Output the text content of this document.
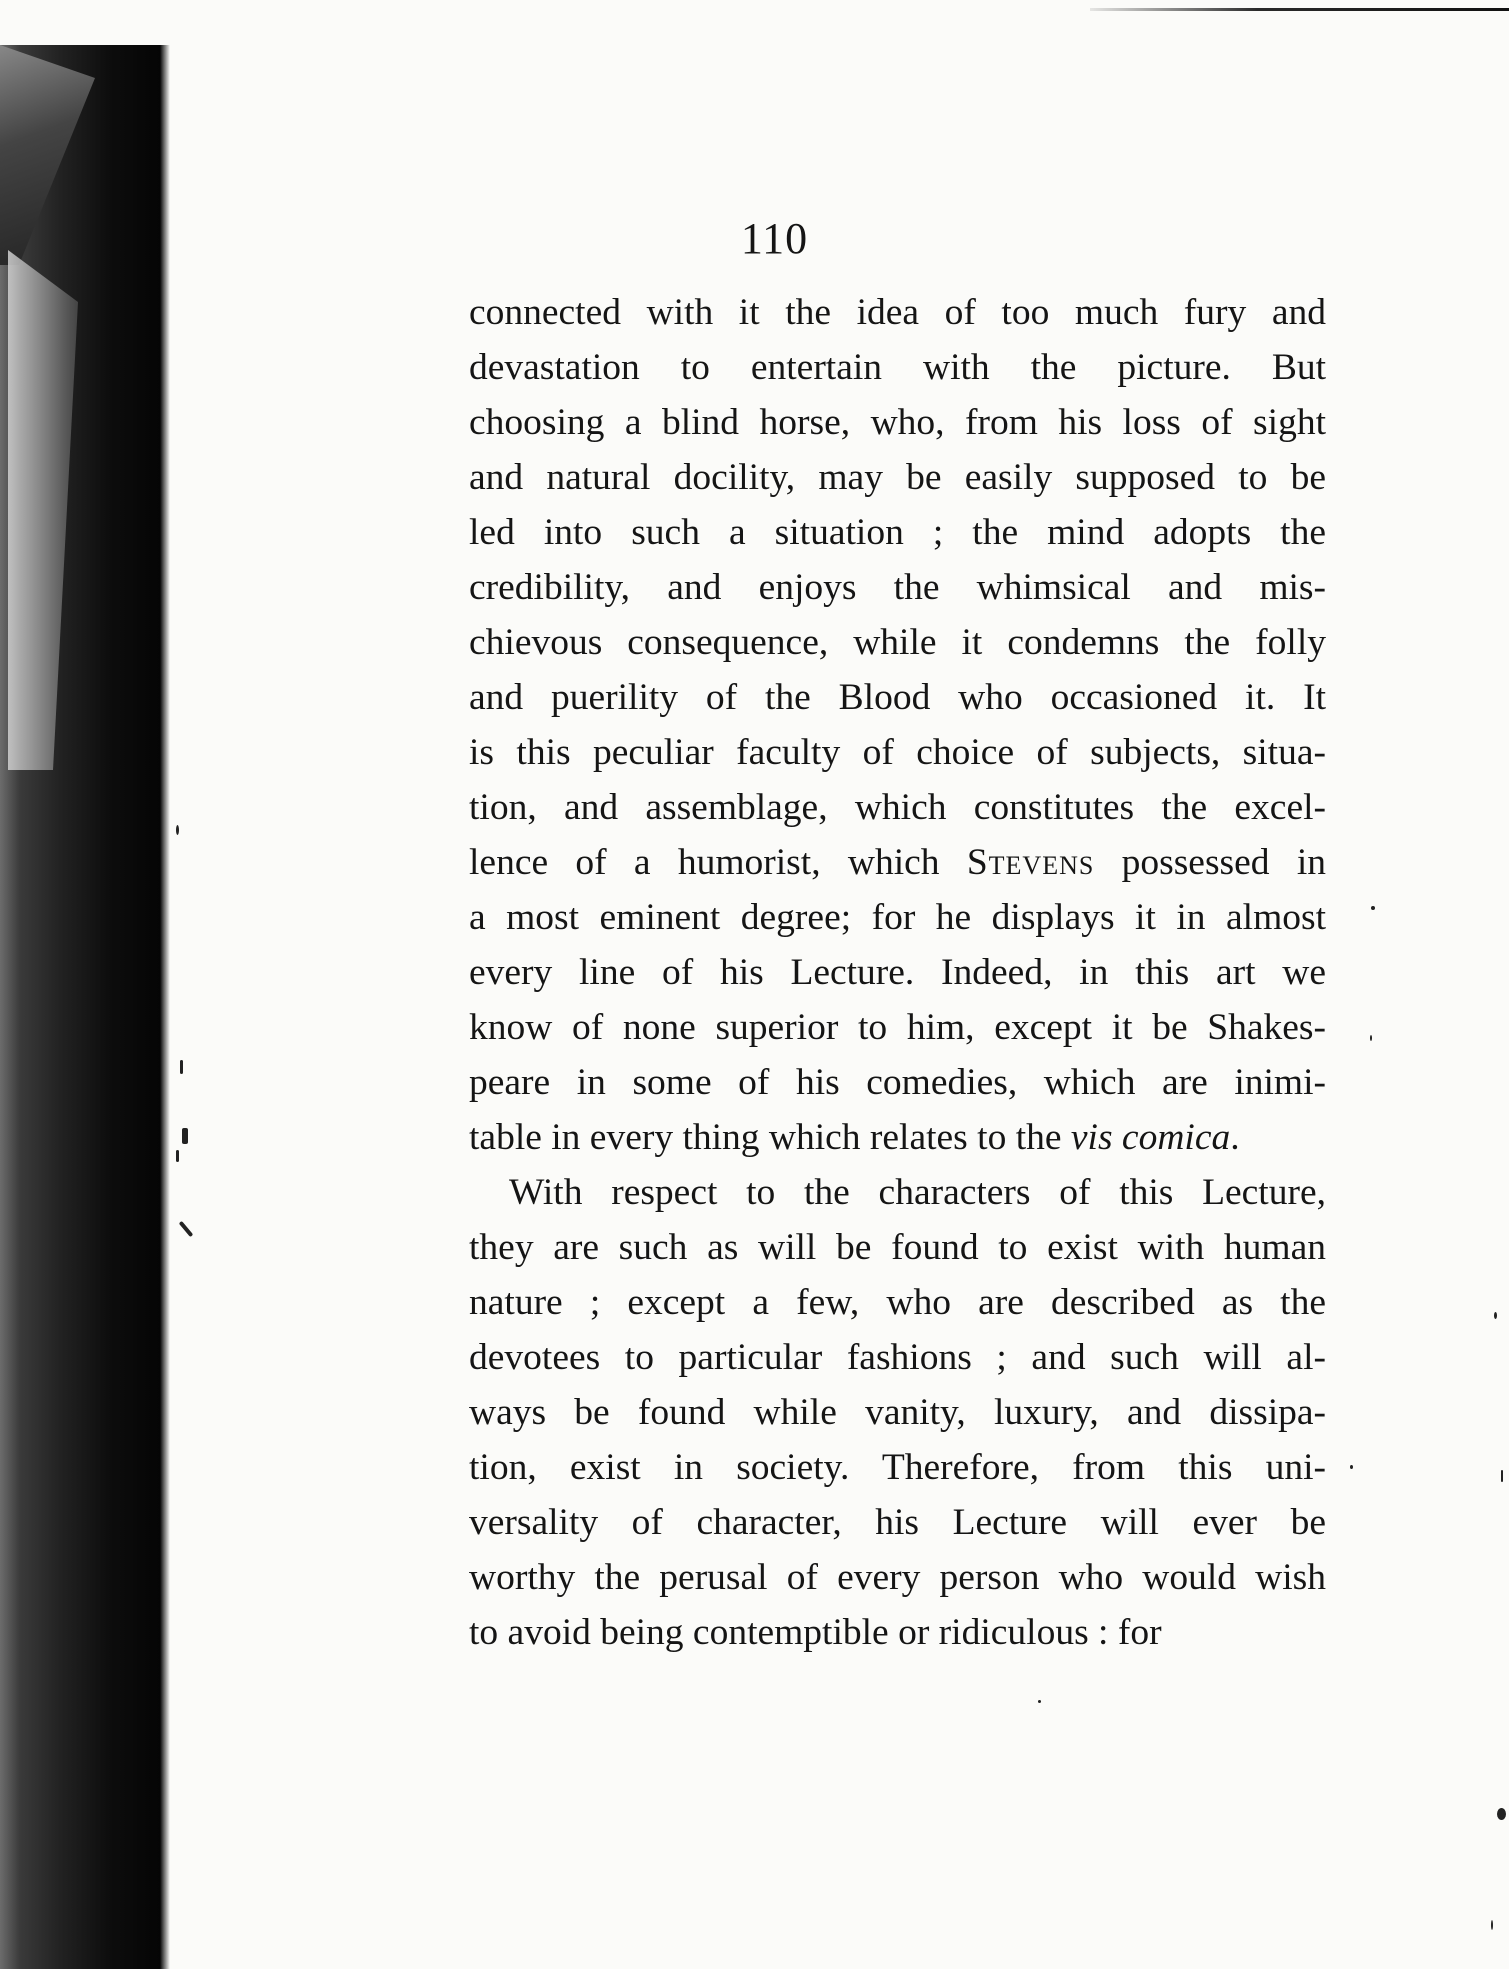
110
connected with it the idea of too much fury and
devastation to entertain with the picture. But
choosing a blind horse, who, from his loss of sight
and natural docility, may be easily supposed to be
led into such a situation ; the mind adopts the
credibility, and enjoys the whimsical and mis-
chievous consequence, while it condemns the folly
and puerility of the Blood who occasioned it. It
is this peculiar faculty of choice of subjects, situa-
tion, and assemblage, which constitutes the excel-
lence of a humorist, which Stevens possessed in
a most eminent degree; for he displays it in almost
every line of his Lecture. Indeed, in this art we
know of none superior to him, except it be Shakes-
peare in some of his comedies, which are inimi-
table in every thing which relates to the vis comica.
With respect to the characters of this Lecture,
they are such as will be found to exist with human
nature ; except a few, who are described as the
devotees to particular fashions ; and such will al-
ways be found while vanity, luxury, and dissipa-
tion, exist in society. Therefore, from this uni-
versality of character, his Lecture will ever be
worthy the perusal of every person who would wish
to avoid being contemptible or ridiculous : for
